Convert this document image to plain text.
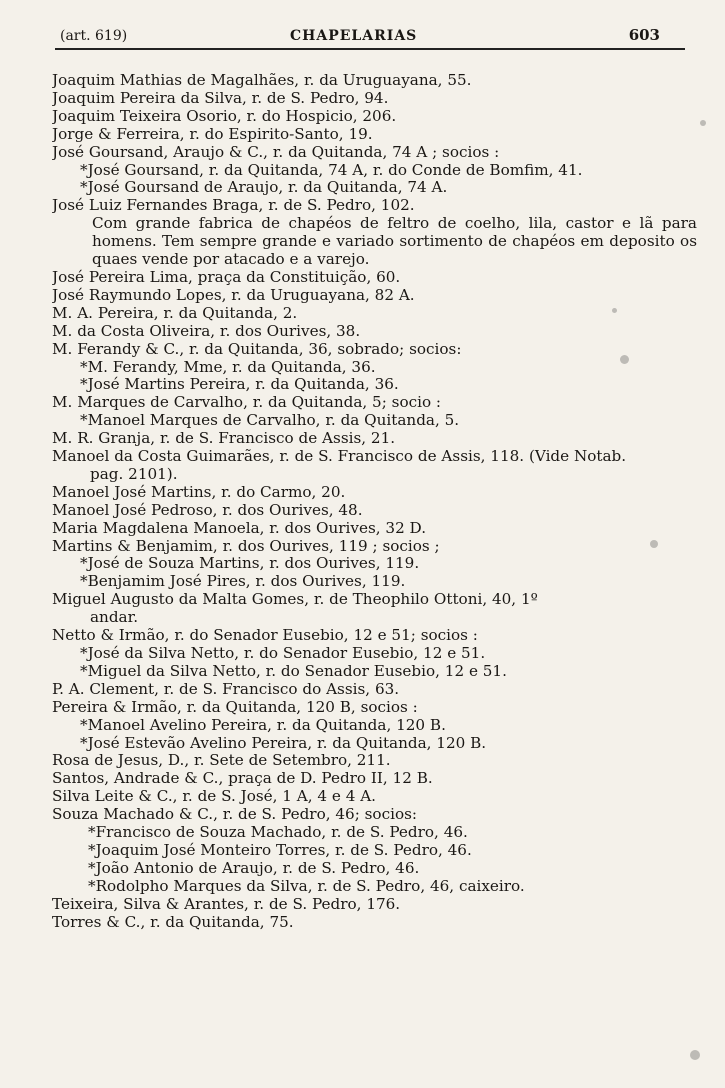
(art. 619)	CHAPELARIAS	603
Joaquim Mathias de Magalhães, r. da Uruguayana, 55.
Joaquim Pereira da Silva, r. de S. Pedro, 94.
Joaquim Teixeira Osorio, r. do Hospicio, 206.
Jorge & Ferreira, r. do Espirito-Santo, 19.
José Goursand, Araujo & C., r. da Quitanda, 74 A ; socios :
*José Goursand, r. da Quitanda, 74 A, r. do Conde de Bomfim, 41.
*José Goursand de Araujo, r. da Quitanda, 74 A.
José Luiz Fernandes Braga, r. de S. Pedro, 102.
Com grande fabrica de chapéos de feltro de coelho, lila, castor e lã para homens. Tem sempre grande e variado sortimento de chapéos em deposito os quaes vende por atacado e a varejo.
José Pereira Lima, praça da Constituição, 60.
José Raymundo Lopes, r. da Uruguayana, 82 A.
M. A. Pereira, r. da Quitanda, 2.
M. da Costa Oliveira, r. dos Ourives, 38.
M. Ferandy & C., r. da Quitanda, 36, sobrado; socios:
*M. Ferandy, Mme, r. da Quitanda, 36.
*José Martins Pereira, r. da Quitanda, 36.
M. Marques de Carvalho, r. da Quitanda, 5; socio :
*Manoel Marques de Carvalho, r. da Quitanda, 5.
M. R. Granja, r. de S. Francisco de Assis, 21.
Manoel da Costa Guimarães, r. de S. Francisco de Assis, 118. (Vide Notab.
pag. 2101).
Manoel José Martins, r. do Carmo, 20.
Manoel José Pedroso, r. dos Ourives, 48.
Maria Magdalena Manoela, r. dos Ourives, 32 D.
Martins & Benjamim, r. dos Ourives, 119 ; socios ;
*José de Souza Martins, r. dos Ourives, 119.
*Benjamim José Pires, r. dos Ourives, 119.
Miguel Augusto da Malta Gomes, r. de Theophilo Ottoni, 40, 1º
andar.
Netto & Irmão, r. do Senador Eusebio, 12 e 51; socios :
*José da Silva Netto, r. do Senador Eusebio, 12 e 51.
*Miguel da Silva Netto, r. do Senador Eusebio, 12 e 51.
P. A. Clement, r. de S. Francisco do Assis, 63.
Pereira & Irmão, r. da Quitanda, 120 B, socios :
*Manoel Avelino Pereira, r. da Quitanda, 120 B.
*José Estevão Avelino Pereira, r. da Quitanda, 120 B.
Rosa de Jesus, D., r. Sete de Setembro, 211.
Santos, Andrade & C., praça de D. Pedro II, 12 B.
Silva Leite & C., r. de S. José, 1 A, 4 e 4 A.
Souza Machado & C., r. de S. Pedro, 46; socios:
*Francisco de Souza Machado, r. de S. Pedro, 46.
*Joaquim José Monteiro Torres, r. de S. Pedro, 46.
*João Antonio de Araujo, r. de S. Pedro, 46.
*Rodolpho Marques da Silva, r. de S. Pedro, 46, caixeiro.
Teixeira, Silva & Arantes, r. de S. Pedro, 176.
Torres & C., r. da Quitanda, 75.
